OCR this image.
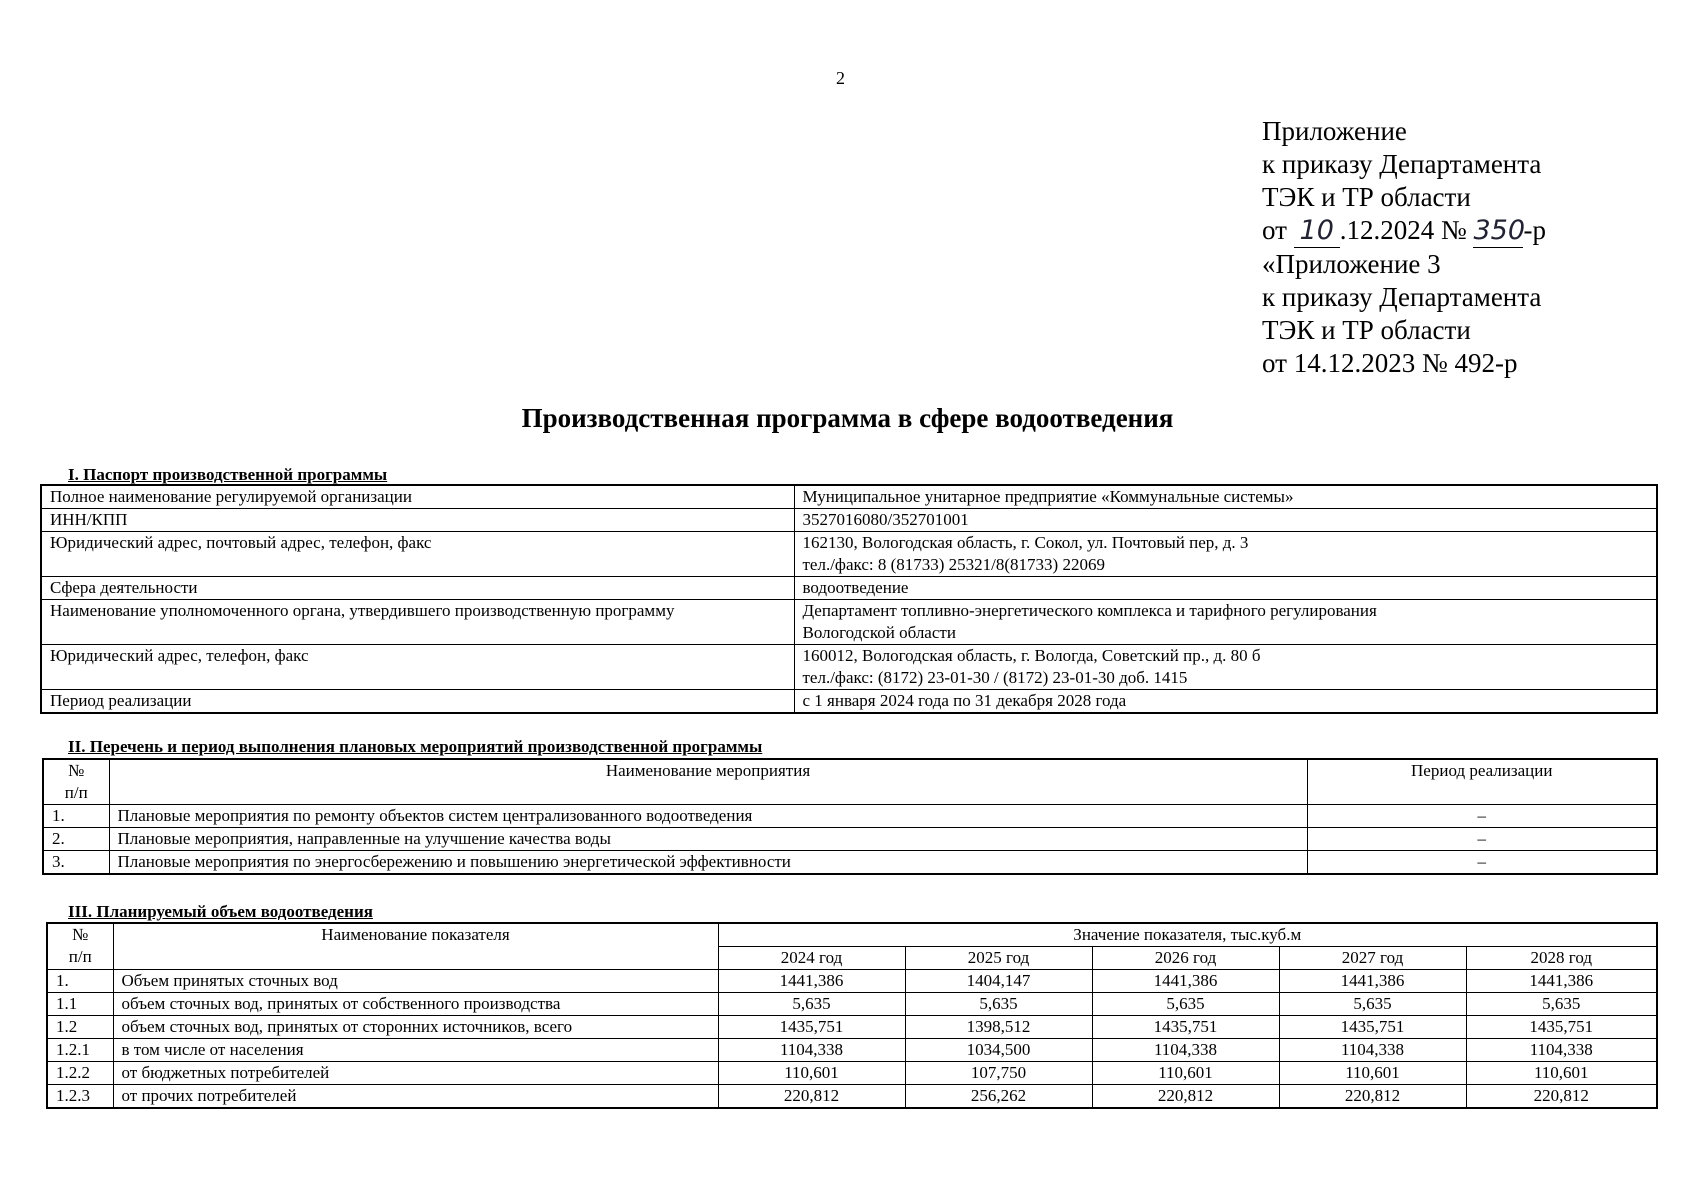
2
Приложение
к приказу Департамента
ТЭК и ТР области
от 10 .12.2024 № 350-р
«Приложение 3
к приказу Департамента
ТЭК и ТР области
от 14.12.2023 № 492-р
Производственная программа в сфере водоотведения
I. Паспорт производственной программы
Полное наименование регулируемой организации	Муниципальное унитарное предприятие «Коммунальные системы»
ИНН/КПП	3527016080/352701001
Юридический адрес, почтовый адрес, телефон, факс	162130, Вологодская область, г. Сокол, ул. Почтовый пер, д. 3
тел./факс: 8 (81733) 25321/8(81733) 22069

Сфера деятельности	водоотведение
Наименование уполномоченного органа, утвердившего производственную программу	Департамент топливно-энергетического комплекса и тарифного регулирования
Вологодской области

Юридический адрес, телефон, факс	160012, Вологодская область, г. Вологда, Советский пр., д. 80 б
тел./факс: (8172) 23-01-30 / (8172) 23-01-30 доб. 1415

Период реализации	с 1 января 2024 года по 31 декабря 2028 года
II. Перечень и период выполнения плановых мероприятий производственной программы
№
п/п	Наименование мероприятия	Период реализации
1.	Плановые мероприятия по ремонту объектов систем централизованного водоотведения	–
2.	Плановые мероприятия, направленные на улучшение качества воды	–
3.	Плановые мероприятия по энергосбережению и повышению энергетической эффективности	–
III. Планируемый объем водоотведения
№
п/п	Наименование показателя	Значение показателя, тыс.куб.м				
		2024 год	2025 год	2026 год	2027 год	2028 год
1.	Объем принятых сточных вод	1441,386	1404,147	1441,386	1441,386	1441,386
1.1	объем сточных вод, принятых от собственного производства	5,635	5,635	5,635	5,635	5,635
1.2	объем сточных вод, принятых от сторонних источников, всего	1435,751	1398,512	1435,751	1435,751	1435,751
1.2.1	в том числе от населения	1104,338	1034,500	1104,338	1104,338	1104,338
1.2.2	от бюджетных потребителей	110,601	107,750	110,601	110,601	110,601
1.2.3	от прочих потребителей	220,812	256,262	220,812	220,812	220,812
